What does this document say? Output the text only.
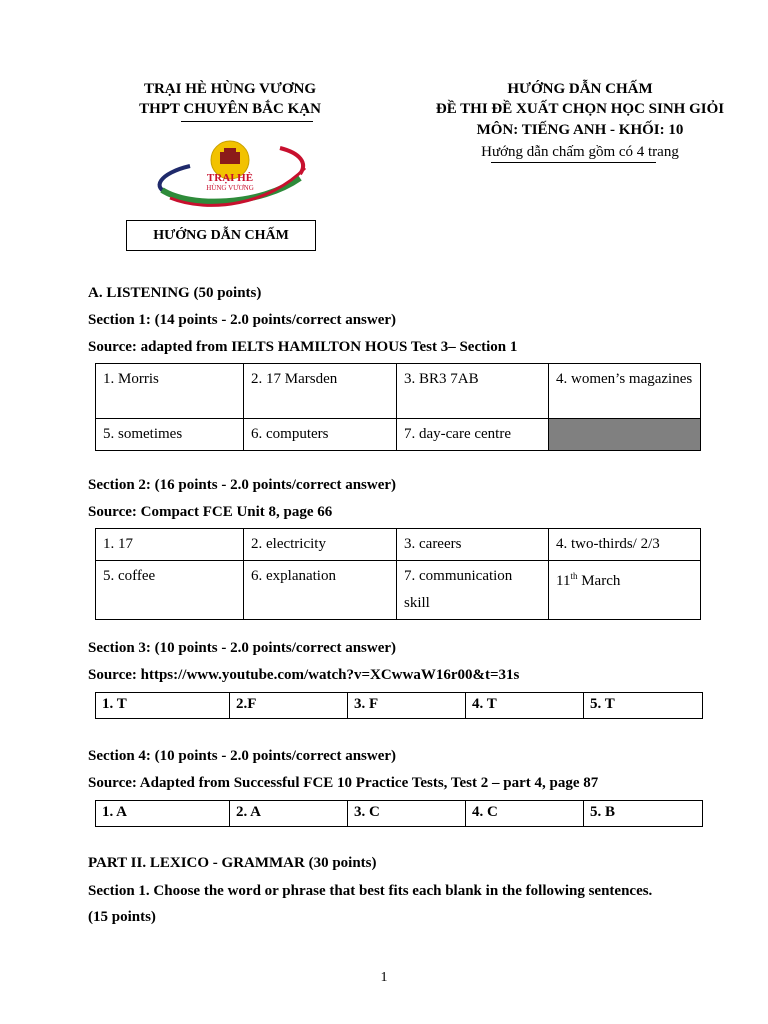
TRẠI HÈ HÙNG VƯƠNG
THPT CHUYÊN BẮC KẠN
HƯỚNG DẪN CHẤM
ĐỀ THI ĐỀ XUẤT CHỌN HỌC SINH GIỎI
MÔN: TIẾNG ANH - KHỐI: 10
Hướng dẫn chấm gồm có 4 trang
TRẠI HÈ
HÙNG VƯƠNG
HƯỚNG DẪN CHẤM
A. LISTENING (50 points)
Section 1: (14 points - 2.0 points/correct answer)
Source: adapted from IELTS HAMILTON HOUS Test 3– Section 1
1. Morris	2. 17 Marsden	3. BR3 7AB	4. women’s magazines
5. sometimes	6. computers	7. day-care centre	
Section 2: (16 points - 2.0 points/correct answer)
Source: Compact FCE Unit 8, page 66
1. 17	2. electricity	3. careers	4. two-thirds/ 2/3
5. coffee	6. explanation	7. communication skill	11th March
Section 3: (10 points - 2.0 points/correct answer)
Source: https://www.youtube.com/watch?v=XCwwaW16r00&t=31s
1. T	2.F	3. F	4. T	5. T
Section 4: (10 points - 2.0 points/correct answer)
Source: Adapted from Successful FCE 10 Practice Tests, Test 2 – part 4, page 87
1. A	2. A	3. C	4. C	5. B
PART II. LEXICO - GRAMMAR (30 points)
Section 1. Choose the word or phrase that best fits each blank in the following sentences.
(15 points)
1
